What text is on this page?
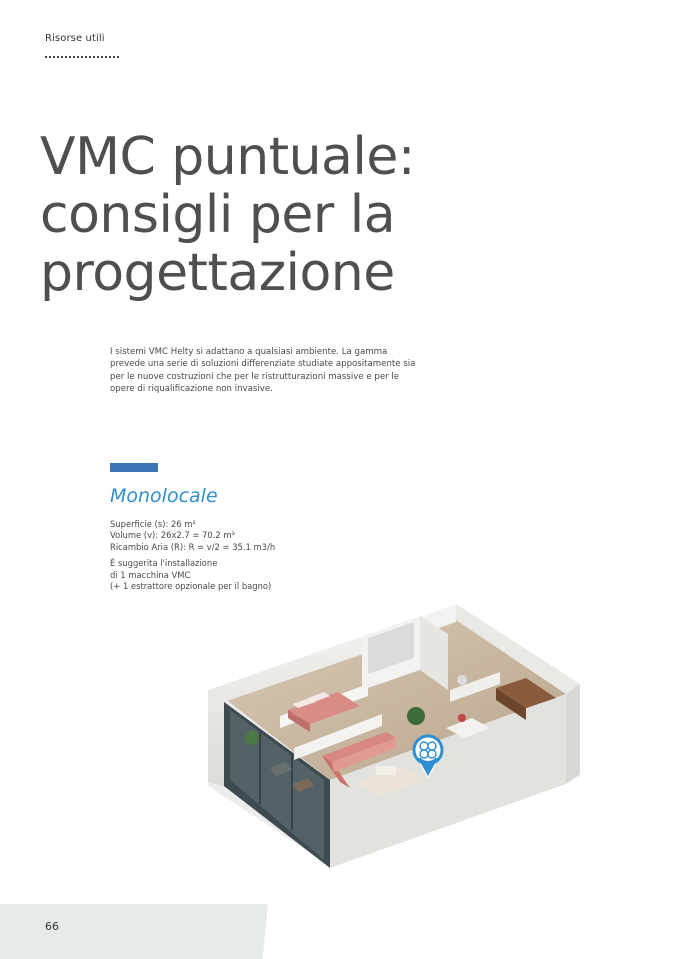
Risorse utili
VMC puntuale:
consigli per la
progettazione

I sistemi VMC Helty si adattano a qualsiasi ambiente. La gamma prevede una serie di soluzioni differenziate studiate appositamente sia per le nuove costruzioni che per le ristrutturazioni massive e per le opere di riqualificazione non invasive.

Monolocale
Superficie (s): 26 m²
Volume (v): 26x2.7 = 70.2 m³
Ricambio Aria (R): R = v/2 = 35.1 m3/h
È suggerita l'installazione
di 1 macchina VMC
(+ 1 estrattore opzionale per il bagno)
66
